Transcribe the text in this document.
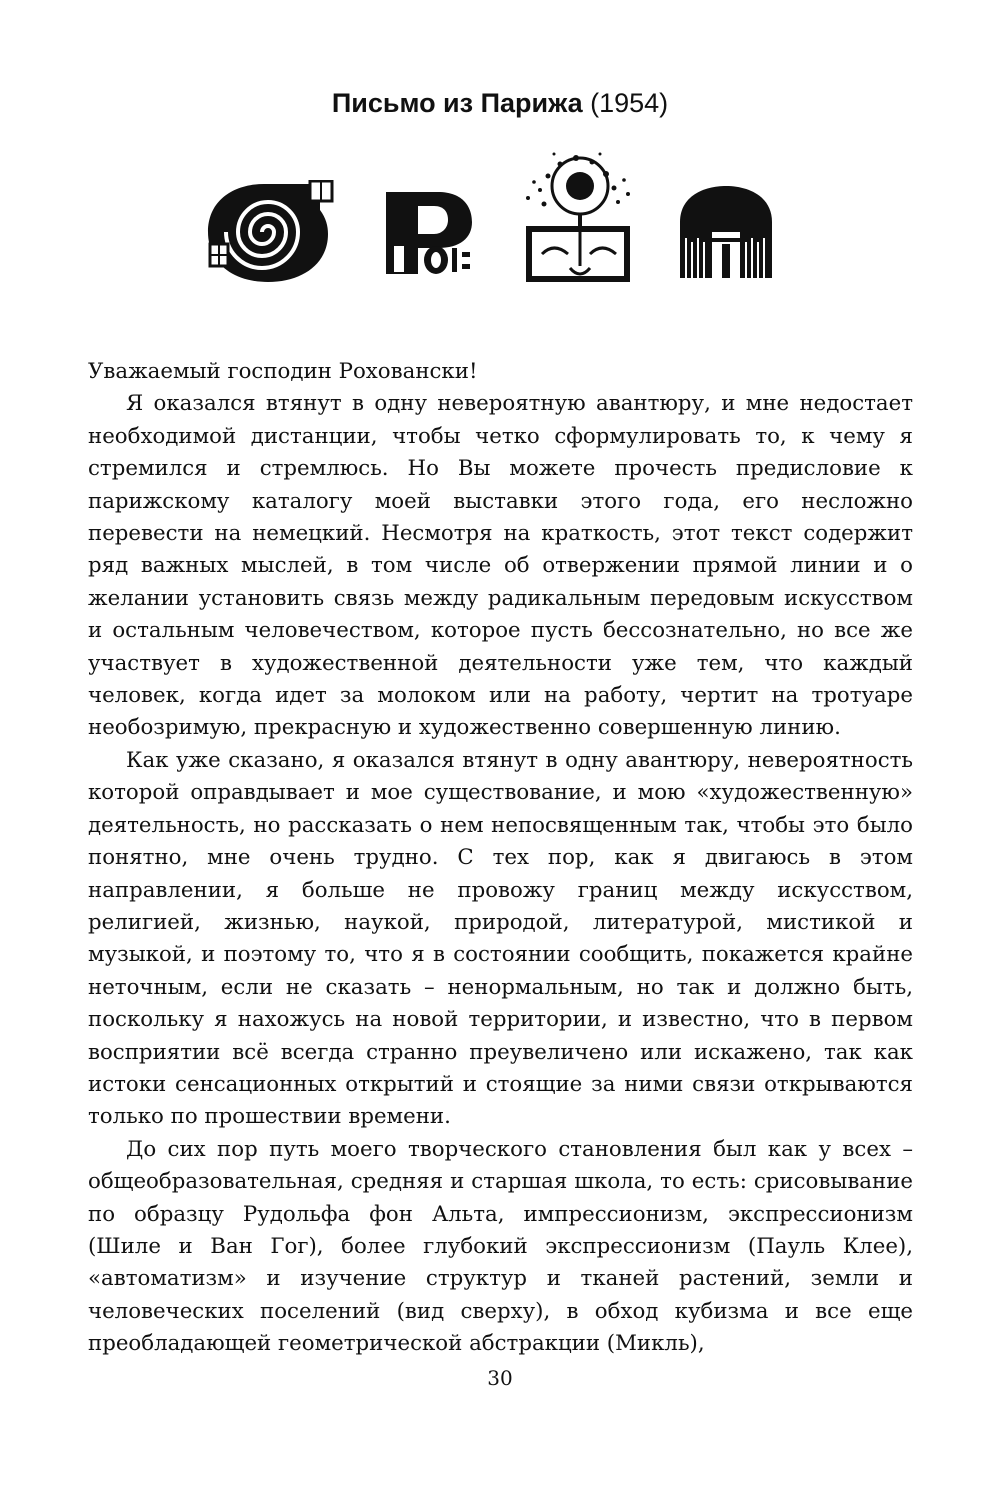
Письмо из Парижа (1954)

Уважаемый господин Роховански!

Я оказался втянут в одну невероятную авантюру, и мне недостает необходимой дистанции, чтобы четко сформулировать то, к чему я стремился и стремлюсь. Но Вы можете прочесть предисловие к парижскому каталогу моей выставки этого года, его несложно перевести на немецкий. Несмотря на краткость, этот текст содержит ряд важных мыслей, в том числе об отвержении прямой линии и о желании установить связь между радикальным передовым искусством и остальным человечеством, которое пусть бессознательно, но все же участвует в художественной деятельности уже тем, что каждый человек, когда идет за молоком или на работу, чертит на тротуаре необозримую, прекрасную и художественно совершенную линию.

Как уже сказано, я оказался втянут в одну авантюру, невероятность которой оправдывает и мое существование, и мою «художественную» деятельность, но рассказать о нем непосвященным так, чтобы это было понятно, мне очень трудно. С тех пор, как я двигаюсь в этом направлении, я больше не провожу границ между искусством, религией, жизнью, наукой, природой, литературой, мистикой и музыкой, и поэтому то, что я в состоянии сообщить, покажется крайне неточным, если не сказать – ненормальным, но так и должно быть, поскольку я нахожусь на новой территории, и известно, что в первом восприятии всё всегда странно преувеличено или искажено, так как истоки сенсационных открытий и стоящие за ними связи открываются только по прошествии времени.

До сих пор путь моего творческого становления был как у всех – общеобразовательная, средняя и старшая школа, то есть: срисовывание по образцу Рудольфа фон Альта, импрессионизм, экспрессионизм (Шиле и Ван Гог), более глубокий экспрессионизм (Пауль Клее), «автоматизм» и изучение структур и тканей растений, земли и человеческих поселений (вид сверху), в обход кубизма и все еще преобладающей геометрической абстракции (Микль),

30
